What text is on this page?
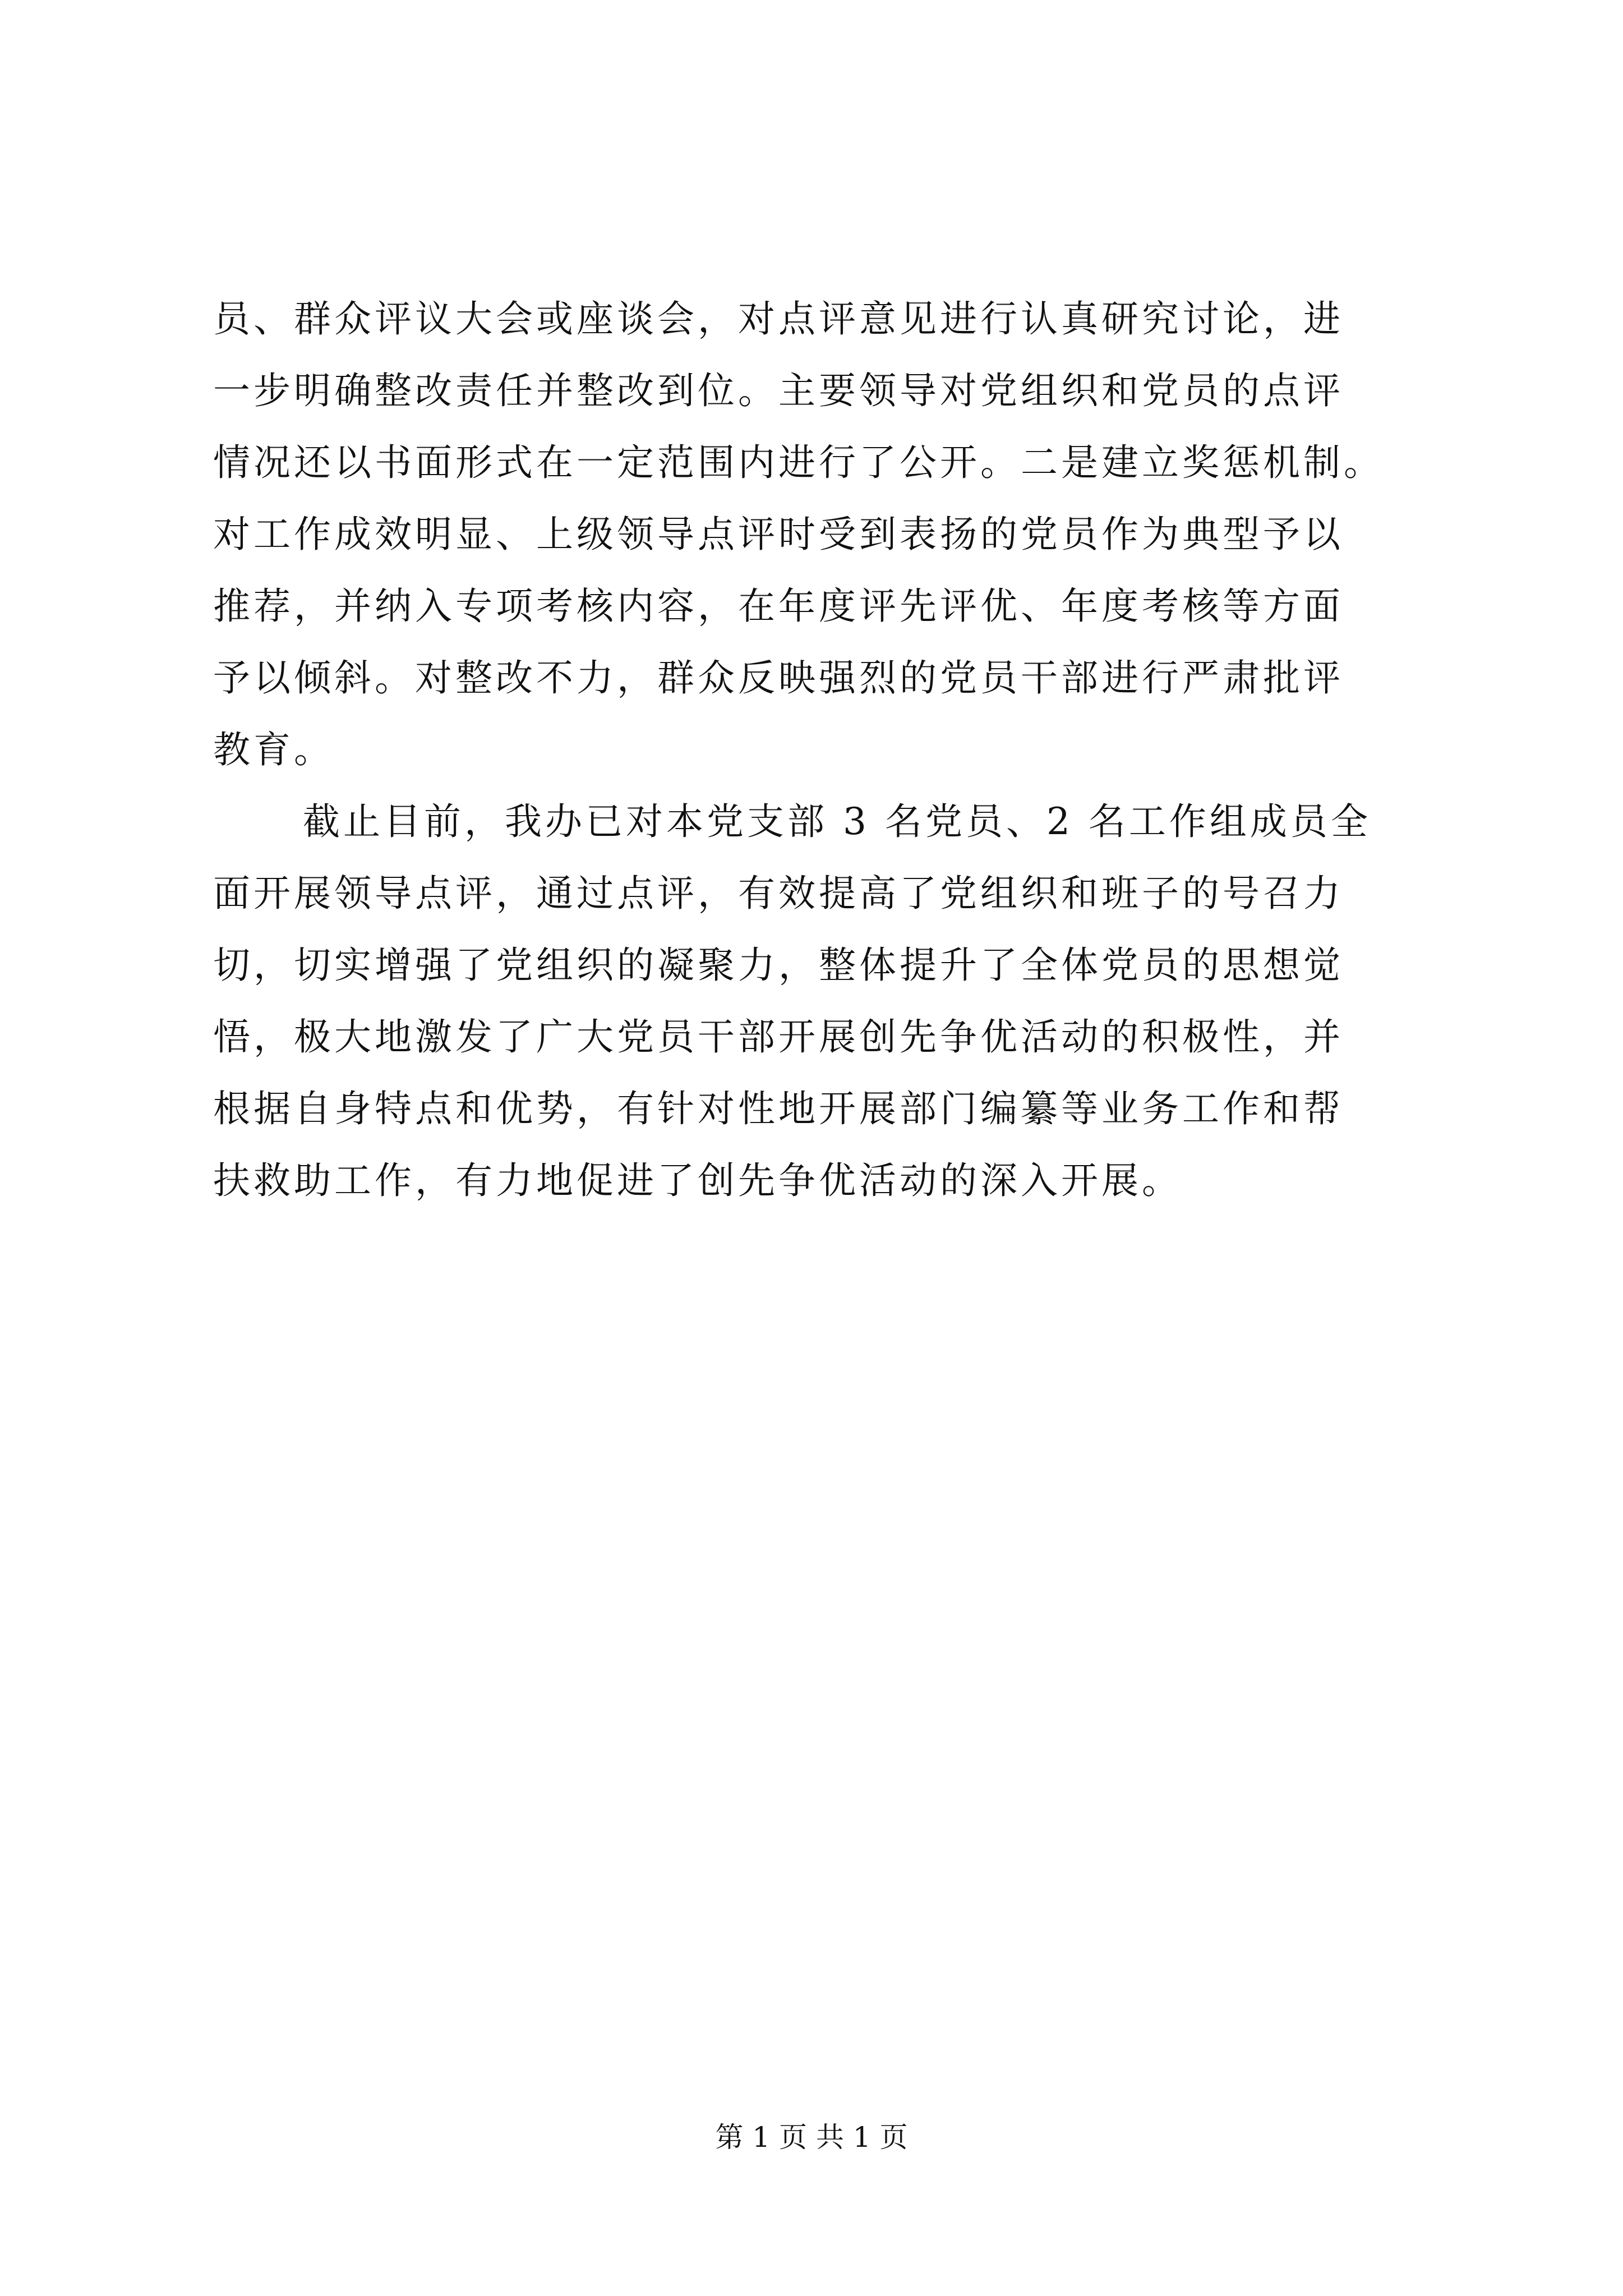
员、群众评议大会或座谈会，对点评意见进行认真研究讨论，进
一步明确整改责任并整改到位。主要领导对党组织和党员的点评
情况还以书面形式在一定范围内进行了公开。二是建立奖惩机制。
对工作成效明显、上级领导点评时受到表扬的党员作为典型予以
推荐，并纳入专项考核内容，在年度评先评优、年度考核等方面
予以倾斜。对整改不力，群众反映强烈的党员干部进行严肃批评
教育。
截止目前，我办已对本党支部 3 名党员、2 名工作组成员全
面开展领导点评，通过点评，有效提高了党组织和班子的号召力
切，切实增强了党组织的凝聚力，整体提升了全体党员的思想觉
悟，极大地激发了广大党员干部开展创先争优活动的积极性，并
根据自身特点和优势，有针对性地开展部门编纂等业务工作和帮
扶救助工作，有力地促进了创先争优活动的深入开展。
第 1 页 共 1 页
